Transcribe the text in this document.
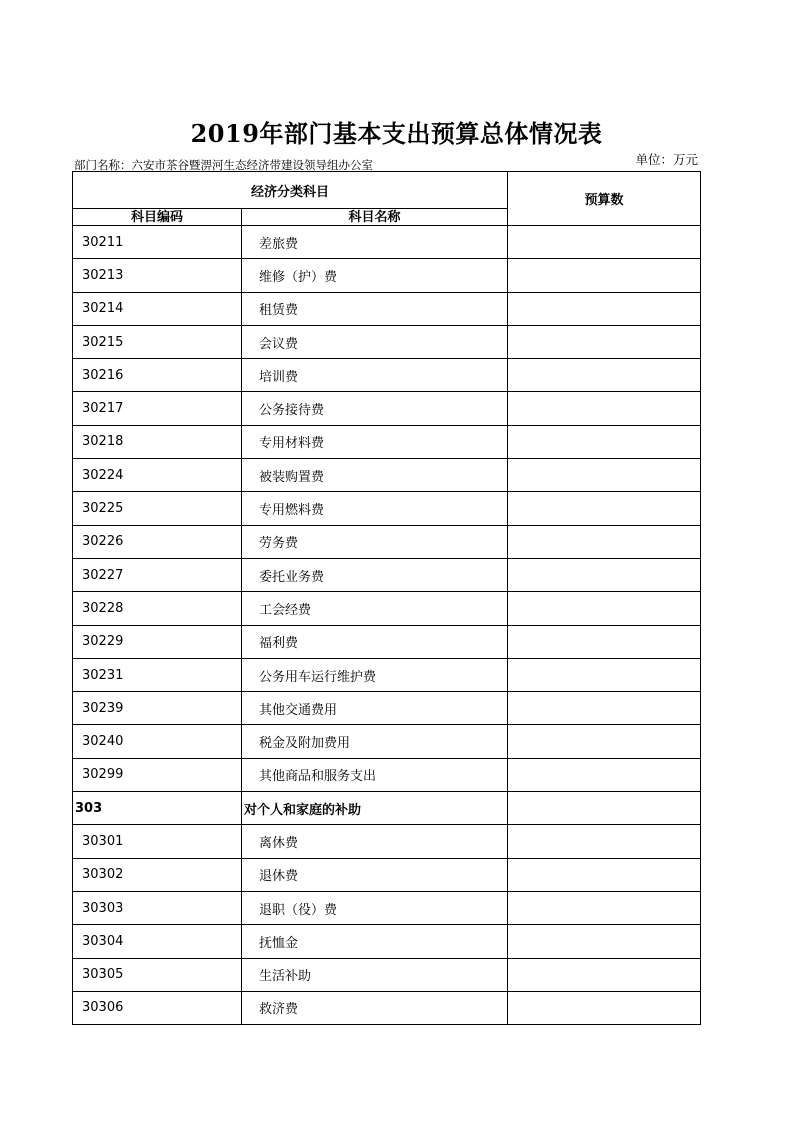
2019年部门基本支出预算总体情况表
部门名称：六安市茶谷暨淠河生态经济带建设领导组办公室	单位：万元
经济分类科目		预算数
科目编码	科目名称	
30211	差旅费	
30213	维修（护）费	
30214	租赁费	
30215	会议费	
30216	培训费	
30217	公务接待费	
30218	专用材料费	
30224	被装购置费	
30225	专用燃料费	
30226	劳务费	
30227	委托业务费	
30228	工会经费	
30229	福利费	
30231	公务用车运行维护费	
30239	其他交通费用	
30240	税金及附加费用	
30299	其他商品和服务支出	
303	对个人和家庭的补助	
30301	离休费	
30302	退休费	
30303	退职（役）费	
30304	抚恤金	
30305	生活补助	
30306	救济费	
